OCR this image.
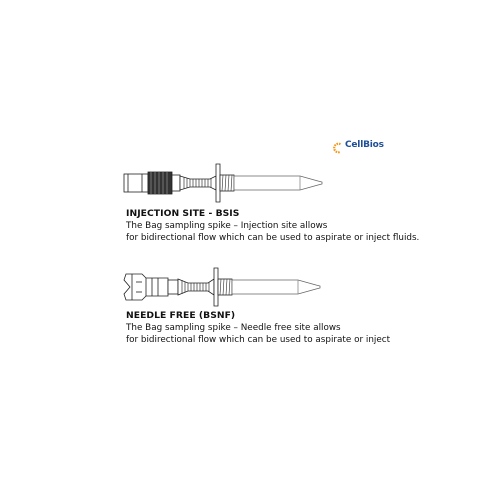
CellBios
INJECTION SITE - BSIS
The Bag sampling spike – Injection site allows
for bidirectional flow which can be used to aspirate or inject fluids.
NEEDLE FREE (BSNF)
The Bag sampling spike – Needle free site allows
for bidirectional flow which can be used to aspirate or inject
